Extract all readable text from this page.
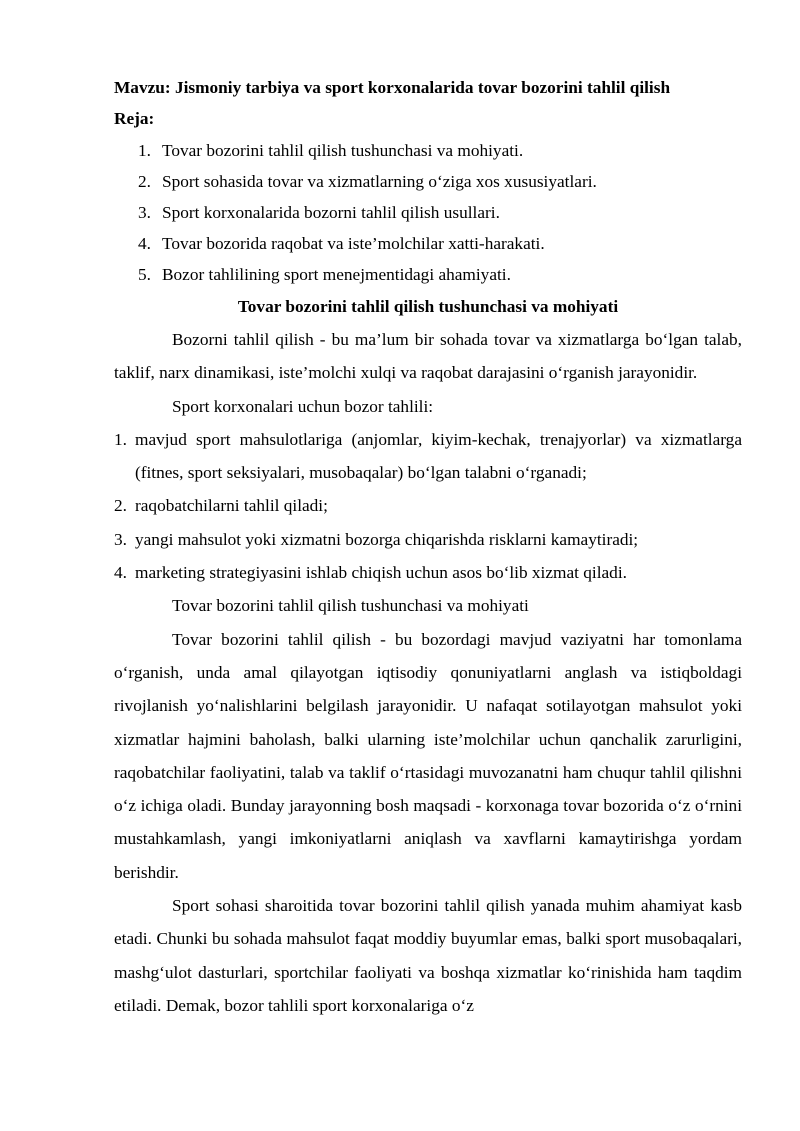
Mavzu: Jismoniy tarbiya va sport korxonalarida tovar bozorini tahlil qilish
Reja:
1. Tovar bozorini tahlil qilish tushunchasi va mohiyati.
2. Sport sohasida tovar va xizmatlarning o‘ziga xos xususiyatlari.
3. Sport korxonalarida bozorni tahlil qilish usullari.
4. Tovar bozorida raqobat va iste’molchilar xatti-harakati.
5. Bozor tahlilining sport menejmentidagi ahamiyati.
Tovar bozorini tahlil qilish tushunchasi va mohiyati

Bozorni tahlil qilish - bu ma’lum bir sohada tovar va xizmatlarga bo‘lgan talab, taklif, narx dinamikasi, iste’molchi xulqi va raqobat darajasini o‘rganish jarayonidir.

Sport korxonalari uchun bozor tahlili:

1. mavjud sport mahsulotlariga (anjomlar, kiyim-kechak, trenajyorlar) va xizmatlarga (fitnes, sport seksiyalari, musobaqalar) bo‘lgan talabni o‘rganadi;
2. raqobatchilarni tahlil qiladi;
3. yangi mahsulot yoki xizmatni bozorga chiqarishda risklarni kamaytiradi;
4. marketing strategiyasini ishlab chiqish uchun asos bo‘lib xizmat qiladi.

Tovar bozorini tahlil qilish tushunchasi va mohiyati

Tovar bozorini tahlil qilish - bu bozordagi mavjud vaziyatni har tomonlama o‘rganish, unda amal qilayotgan iqtisodiy qonuniyatlarni anglash va istiqboldagi rivojlanish yo‘nalishlarini belgilash jarayonidir. U nafaqat sotilayotgan mahsulot yoki xizmatlar hajmini baholash, balki ularning iste’molchilar uchun qanchalik zarurligini, raqobatchilar faoliyatini, talab va taklif o‘rtasidagi muvozanatni ham chuqur tahlil qilishni o‘z ichiga oladi. Bunday jarayonning bosh maqsadi - korxonaga tovar bozorida o‘z o‘rnini mustahkamlash, yangi imkoniyatlarni aniqlash va xavflarni kamaytirishga yordam berishdir.

Sport sohasi sharoitida tovar bozorini tahlil qilish yanada muhim ahamiyat kasb etadi. Chunki bu sohada mahsulot faqat moddiy buyumlar emas, balki sport musobaqalari, mashg‘ulot dasturlari, sportchilar faoliyati va boshqa xizmatlar ko‘rinishida ham taqdim etiladi. Demak, bozor tahlili sport korxonalariga o‘z
